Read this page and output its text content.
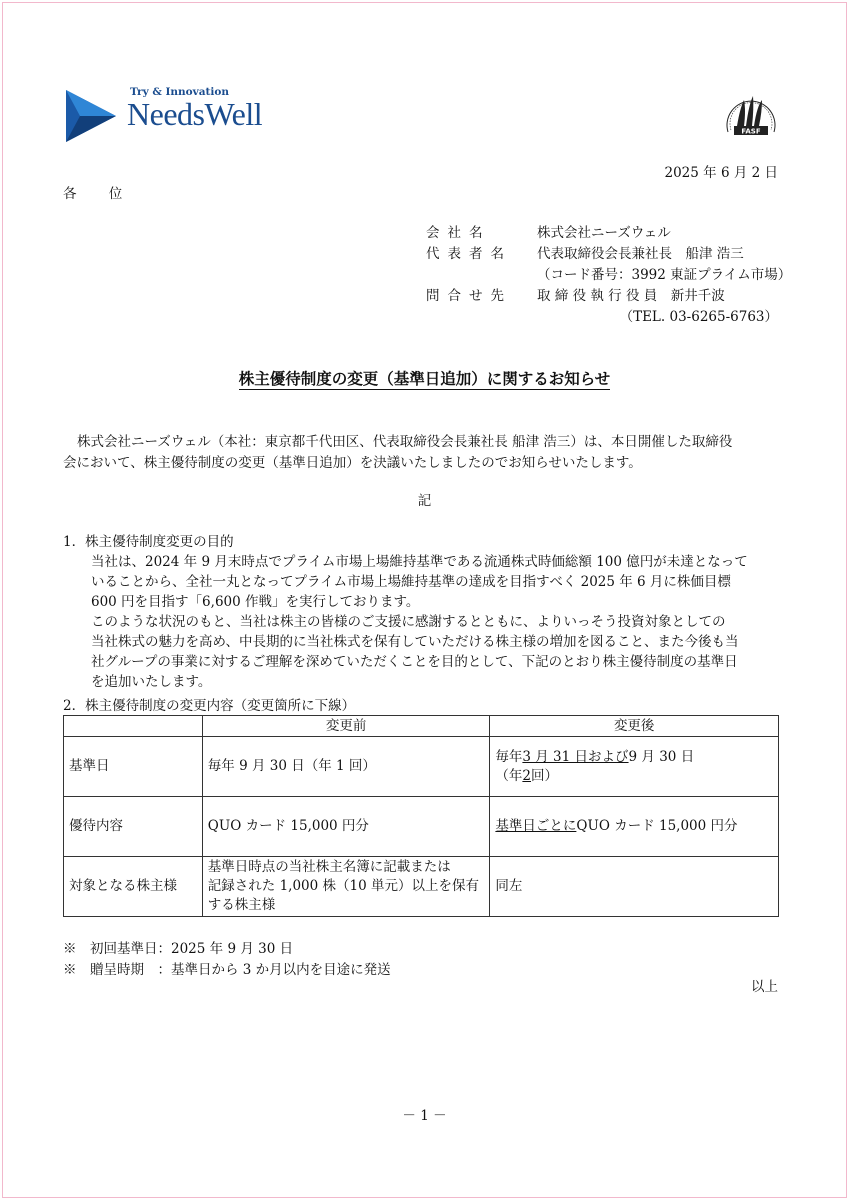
Try & Innovation
NeedsWell	FASF
2025 年 6 月 2 日
各 位
会社名	株式会社ニーズウェル
代表者名 代表取締役会長兼社長　船津 浩三
（コード番号：3992 東証プライム市場）
問合せ先 取 締 役 執 行 役 員　新井千波
（TEL. 03-6265-6763）
株主優待制度の変更（基準日追加）に関するお知らせ
株式会社ニーズウェル（本社：東京都千代田区、代表取締役会長兼社長 船津 浩三）は、本日開催した取締役
会において、株主優待制度の変更（基準日追加）を決議いたしましたのでお知らせいたします。
記
1．株主優待制度変更の目的
当社は、2024 年 9 月末時点でプライム市場上場維持基準である流通株式時価総額 100 億円が未達となって
いることから、全社一丸となってプライム市場上場維持基準の達成を目指すべく 2025 年 6 月に株価目標
600 円を目指す「6,600 作戦」を実行しております。
このような状況のもと、当社は株主の皆様のご支援に感謝するとともに、よりいっそう投資対象としての
当社株式の魅力を高め、中長期的に当社株式を保有していただける株主様の増加を図ること、また今後も当
社グループの事業に対するご理解を深めていただくことを目的として、下記のとおり株主優待制度の基準日
を追加いたします。
2．株主優待制度の変更内容（変更箇所に下線）
	変更前	変更後
基準日	毎年 9 月 30 日（年 1 回）	毎年3 月 31 日および9 月 30 日
（年2回）

優待内容	QUO カード 15,000 円分	基準日ごとにQUO カード 15,000 円分
対象となる株主様	基準日時点の当社株主名簿に記載または
記録された 1,000 株（10 単元）以上を保有
する株主様	同左
※　初回基準日：2025 年 9 月 30 日
※　贈呈時期　：基準日から 3 か月以内を目途に発送
以上
－ 1 －
